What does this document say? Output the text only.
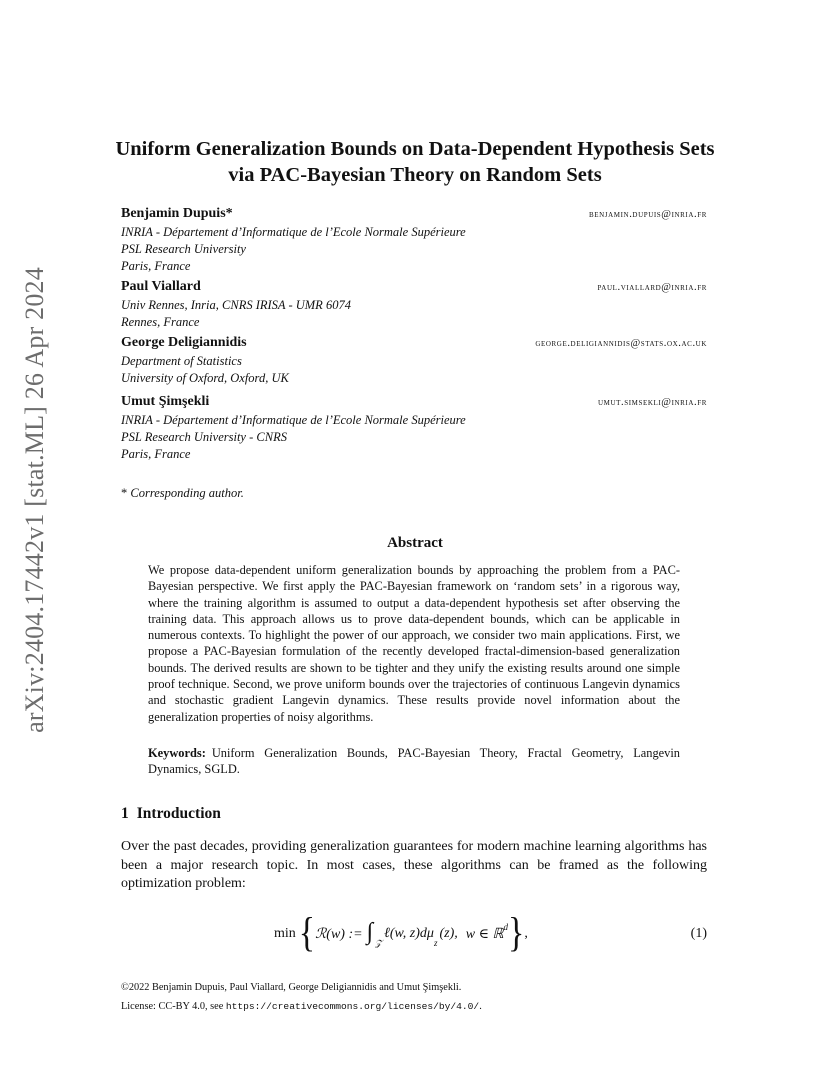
arXiv:2404.17442v1 [stat.ML] 26 Apr 2024
Uniform Generalization Bounds on Data-Dependent Hypothesis Sets via PAC-Bayesian Theory on Random Sets
Benjamin Dupuis*	benjamin.dupuis@inria.fr
INRIA - Département d’Informatique de l’Ecole Normale Supérieure
PSL Research University
Paris, France
Paul Viallard	paul.viallard@inria.fr
Univ Rennes, Inria, CNRS IRISA - UMR 6074
Rennes, France
George Deligiannidis	george.deligiannidis@stats.ox.ac.uk
Department of Statistics
University of Oxford, Oxford, UK
Umut Şimşekli	umut.simsekli@inria.fr
INRIA - Département d’Informatique de l’Ecole Normale Supérieure
PSL Research University - CNRS
Paris, France
* Corresponding author.
Abstract

We propose data-dependent uniform generalization bounds by approaching the problem from a PAC-Bayesian perspective. We first apply the PAC-Bayesian framework on ‘random sets’ in a rigorous way, where the training algorithm is assumed to output a data-dependent hypothesis set after observing the training data. This approach allows us to prove data-dependent bounds, which can be applicable in numerous contexts. To highlight the power of our approach, we consider two main applications. First, we propose a PAC-Bayesian formulation of the recently developed fractal-dimension-based generalization bounds. The derived results are shown to be tighter and they unify the existing results around one simple proof technique. Second, we prove uniform bounds over the trajectories of continuous Langevin dynamics and stochastic gradient Langevin dynamics. These results provide novel information about the generalization properties of noisy algorithms.

Keywords: Uniform Generalization Bounds, PAC-Bayesian Theory, Fractal Geometry, Langevin Dynamics, SGLD.

1 Introduction

Over the past decades, providing generalization guarantees for modern machine learning algorithms has been a major research topic. In most cases, these algorithms can be framed as the following optimization problem:

min { ℛ(w) := ∫ 𝒵
ℓ(w, z)dμ
z
(z), w ∈ ℝ d } ,	(1)
©2022 Benjamin Dupuis, Paul Viallard, George Deligiannidis and Umut Şimşekli.
License: CC-BY 4.0, see https://creativecommons.org/licenses/by/4.0/.
